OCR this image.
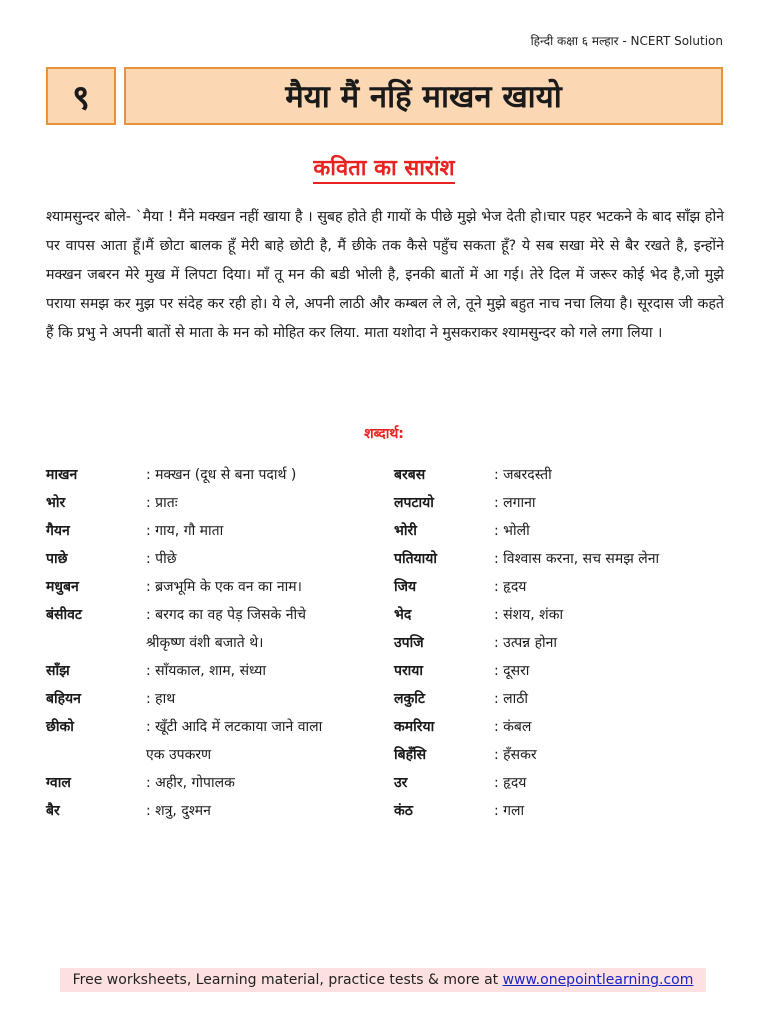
हिन्दी कक्षा ६ मल्हार - NCERT Solution
९	मैया मैं नहिं माखन खायो
कविता का सारांश

श्यामसुन्दर बोले- `मैया ! मैंने मक्खन नहीं खाया है । सुबह होते ही गायों के पीछे मुझे भेज देती हो।चार पहर भटकने के बाद साँझ होने पर वापस आता हूँ।मैं छोटा बालक हूँ मेरी बाहे छोटी है, मैं छीके तक कैसे पहुँच सकता हूँ? ये सब सखा मेरे से बैर रखते है, इन्होंने मक्खन जबरन मेरे मुख में लिपटा दिया। माँ तू मन की बडी भोली है, इनकी बातों में आ गई। तेरे दिल में जरूर कोई भेद है,जो मुझे पराया समझ कर मुझ पर संदेह कर रही हो। ये ले, अपनी लाठी और कम्बल ले ले, तूने मुझे बहुत नाच नचा लिया है। सूरदास जी कहते हैं कि प्रभु ने अपनी बातों से माता के मन को मोहित कर लिया. माता यशोदा ने मुसकराकर श्यामसुन्दर को गले लगा लिया ।

शब्दार्थ:
माखन	: मक्खन (दूध से बना पदार्थ )
भोर	: प्रातः
गैयन	: गाय, गौ माता
पाछे	: पीछे
मधुबन	: ब्रजभूमि के एक वन का नाम।
बंसीवट	: बरगद का वह पेड़ जिसके नीचे
श्रीकृष्ण वंशी बजाते थे।
साँझ	: साँयकाल, शाम, संध्या
बहियन	: हाथ
छीको	: खूँटी आदि में लटकाया जाने वाला
एक उपकरण
ग्वाल	: अहीर, गोपालक
बैर	: शत्रु, दुश्मन
बरबस	: जबरदस्ती
लपटायो	: लगाना
भोरी	: भोली
पतियायो	: विश्वास करना, सच समझ लेना
जिय	: हृदय
भेद	: संशय, शंका
उपजि	: उत्पन्न होना
पराया	: दूसरा
लकुटि	: लाठी
कमरिया	: कंबल
बिहँसि	: हँसकर
उर	: हृदय
कंठ	: गला
Free worksheets, Learning material, practice tests & more at www.onepointlearning.com
